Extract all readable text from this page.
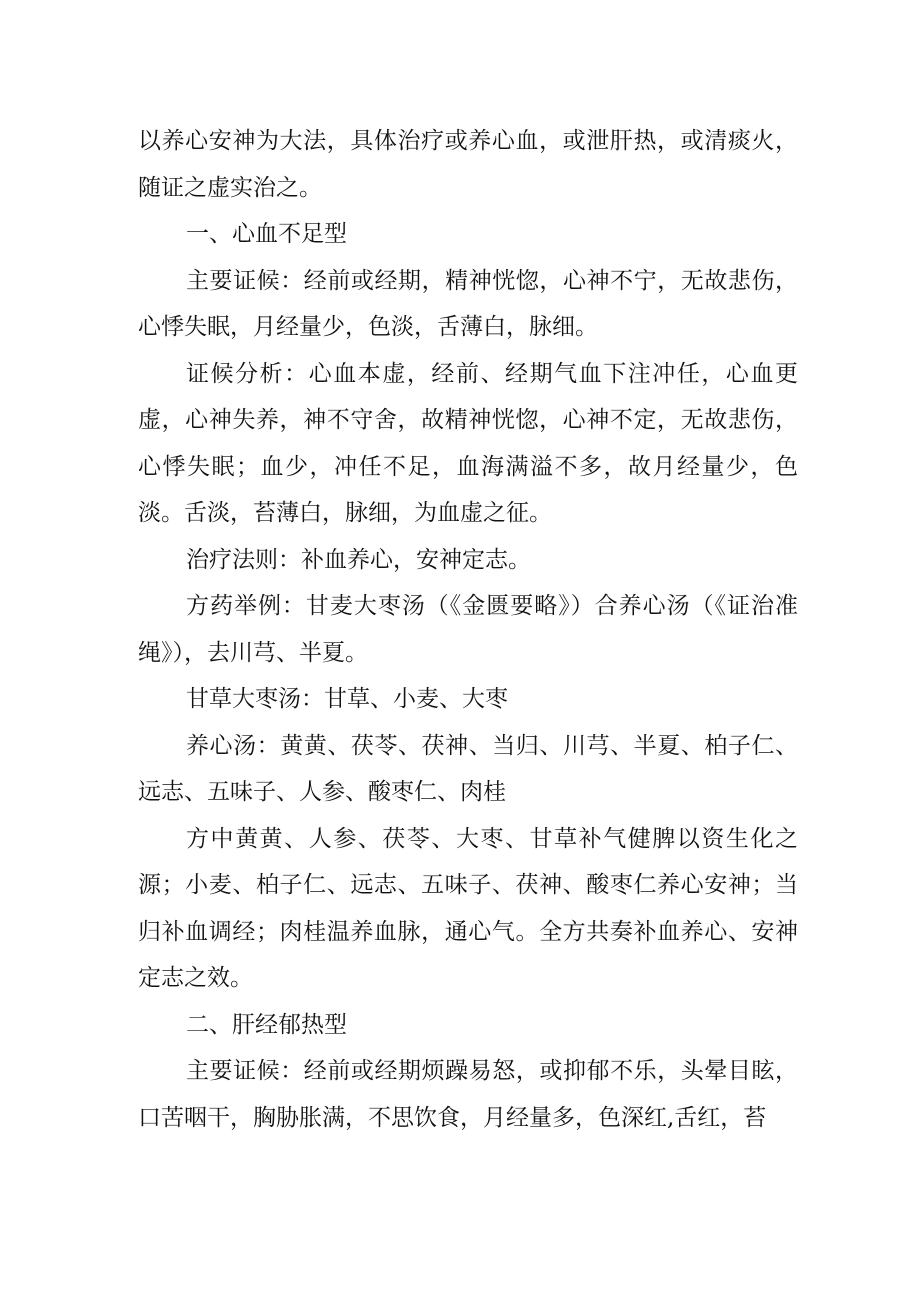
以养心安神为大法，具体治疗或养心血，或泄肝热，或清痰火，随证之虚实治之。

一、心血不足型

主要证候：经前或经期，精神恍惚，心神不宁，无故悲伤，心悸失眠，月经量少，色淡，舌薄白，脉细。

证候分析：心血本虚，经前、经期气血下注冲任，心血更虚，心神失养，神不守舍，故精神恍惚，心神不定，无故悲伤，心悸失眠；血少，冲任不足，血海满溢不多，故月经量少，色淡。舌淡，苔薄白，脉细，为血虚之征。

治疗法则：补血养心，安神定志。

方药举例：甘麦大枣汤（《金匮要略》）合养心汤（《证治准绳》），去川芎、半夏。

甘草大枣汤：甘草、小麦、大枣

养心汤：黄黄、茯苓、茯神、当归、川芎、半夏、柏子仁、远志、五味子、人参、酸枣仁、肉桂

方中黄黄、人参、茯苓、大枣、甘草补气健脾以资生化之源；小麦、柏子仁、远志、五味子、茯神、酸枣仁养心安神；当归补血调经；肉桂温养血脉，通心气。全方共奏补血养心、安神定志之效。

二、肝经郁热型

主要证候：经前或经期烦躁易怒，或抑郁不乐，头晕目眩，口苦咽干，胸胁胀满，不思饮食，月经量多，色深红,舌红，苔
